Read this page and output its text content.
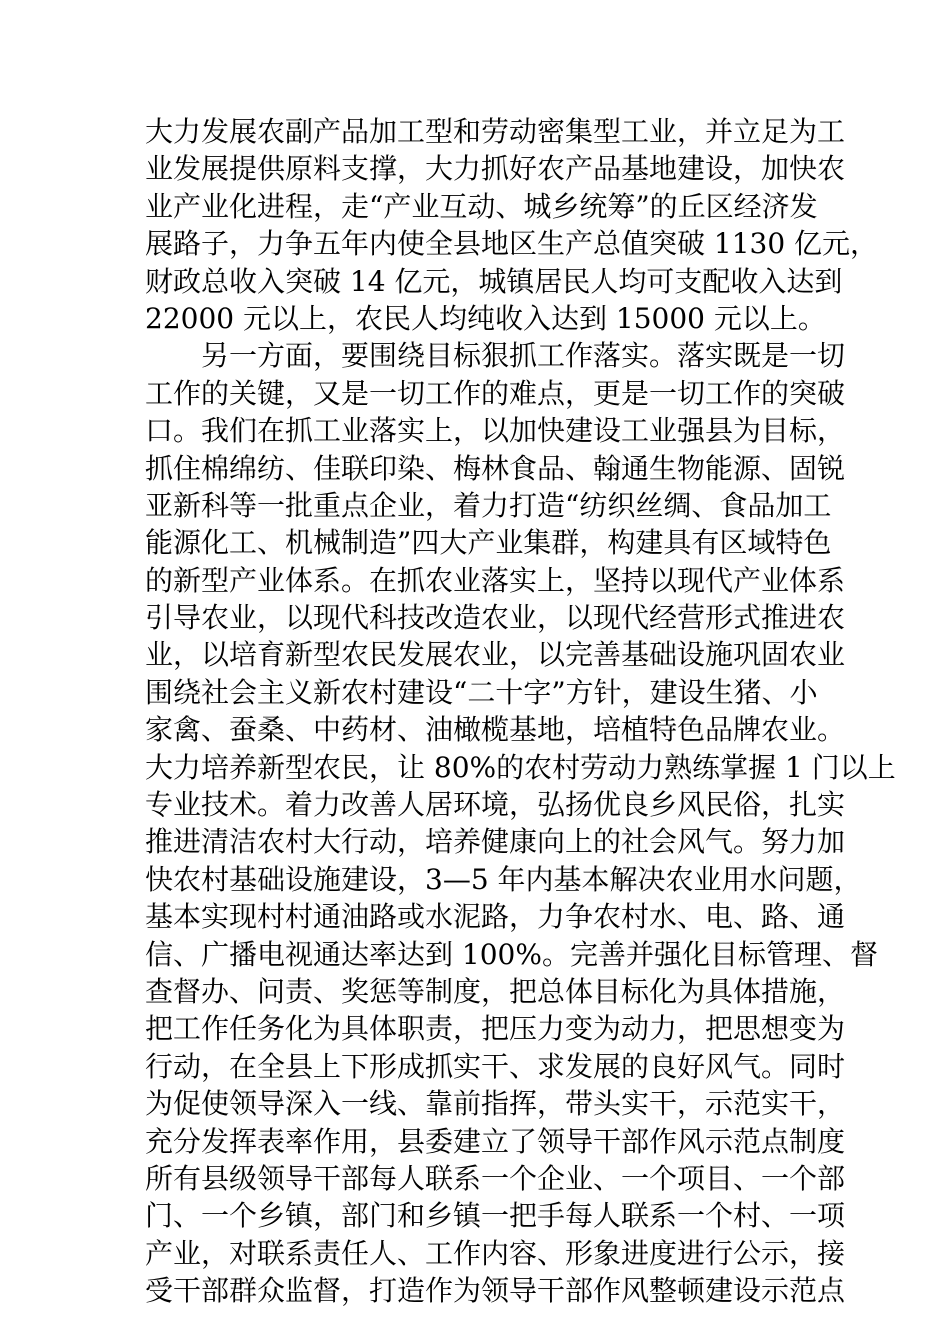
大力发展农副产品加工型和劳动密集型工业，并立足为工
业发展提供原料支撑，大力抓好农产品基地建设，加快农
业产业化进程，走“产业互动、城乡统筹”的丘区经济发
展路子，力争五年内使全县地区生产总值突破 1130 亿元，
财政总收入突破 14 亿元，城镇居民人均可支配收入达到
22000 元以上，农民人均纯收入达到 15000 元以上。
另一方面，要围绕目标狠抓工作落实。落实既是一切
工作的关键，又是一切工作的难点，更是一切工作的突破
口。我们在抓工业落实上，以加快建设工业强县为目标，
抓住棉绵纺、佳联印染、梅林食品、翰通生物能源、固锐
亚新科等一批重点企业，着力打造“纺织丝绸、食品加工
能源化工、机械制造”四大产业集群，构建具有区域特色
的新型产业体系。在抓农业落实上，坚持以现代产业体系
引导农业，以现代科技改造农业，以现代经营形式推进农
业，以培育新型农民发展农业，以完善基础设施巩固农业
围绕社会主义新农村建设“二十字”方针，建设生猪、小
家禽、蚕桑、中药材、油橄榄基地，培植特色品牌农业。
大力培养新型农民，让 80%的农村劳动力熟练掌握 1 门以上
专业技术。着力改善人居环境，弘扬优良乡风民俗，扎实
推进清洁农村大行动，培养健康向上的社会风气。努力加
快农村基础设施建设，3—5 年内基本解决农业用水问题，
基本实现村村通油路或水泥路，力争农村水、电、路、通
信、广播电视通达率达到 100%。完善并强化目标管理、督
查督办、问责、奖惩等制度，把总体目标化为具体措施，
把工作任务化为具体职责，把压力变为动力，把思想变为
行动，在全县上下形成抓实干、求发展的良好风气。同时
为促使领导深入一线、靠前指挥，带头实干，示范实干，
充分发挥表率作用，县委建立了领导干部作风示范点制度
所有县级领导干部每人联系一个企业、一个项目、一个部
门、一个乡镇，部门和乡镇一把手每人联系一个村、一项
产业，对联系责任人、工作内容、形象进度进行公示，接
受干部群众监督，打造作为领导干部作风整顿建设示范点
